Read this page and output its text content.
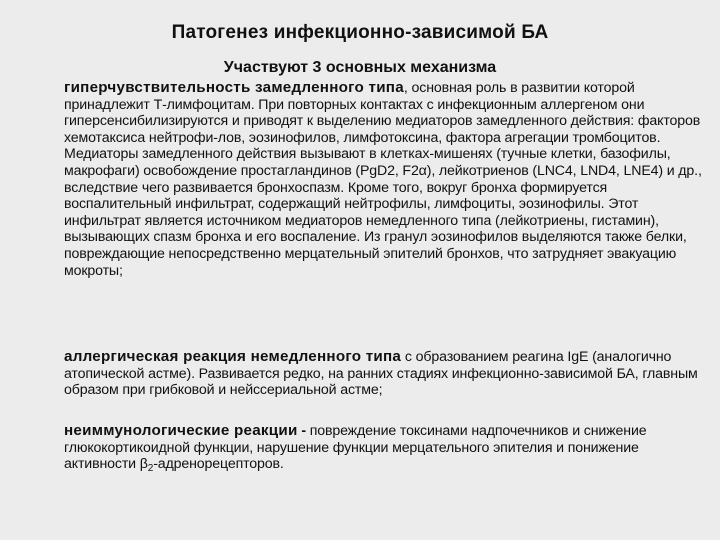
Патогенез инфекционно-зависимой БА
Участвуют 3 основных механизма
гиперчувствительность замедленного типа, основная роль в развитии которой принадлежит Т-лимфоцитам. При повторных контактах с инфекционным аллергеном они гиперсенсибилизируются и приводят к выделению медиаторов замедленного действия: факторов хемотаксиса нейтрофи-лов, эозинофилов, лимфотоксина, фактора агрегации тромбоцитов. Медиаторы замедленного действия вызывают в клетках-мишенях (тучные клетки, базофилы, макрофаги) освобождение простагландинов (PgD2, F2α), лейкотриенов (LNC4, LND4, LNE4) и др., вследствие чего развивается бронхоспазм. Кроме того, вокруг бронха формируется воспалительный инфильтрат, содержащий нейтрофилы, лимфоциты, эозинофилы. Этот инфильтрат является источником медиаторов немедленного типа (лейкотриены, гистамин), вызывающих спазм бронха и его воспаление. Из гранул эозинофилов выделяются также белки, повреждающие непосредственно мерцательный эпителий бронхов, что затрудняет эвакуацию мокроты;
аллергическая реакция немедленного типа с образованием реагина IgE (аналогично атопической астме). Развивается редко, на ранних стадиях инфекционно-зависимой БА, главным образом при грибковой и нейссериальной астме;
неиммунологические реакции - повреждение токсинами надпочечников и снижение глюкокортикоидной функции, нарушение функции мерцательного эпителия и понижение активности $\beta_2$-адренорецепторов.
